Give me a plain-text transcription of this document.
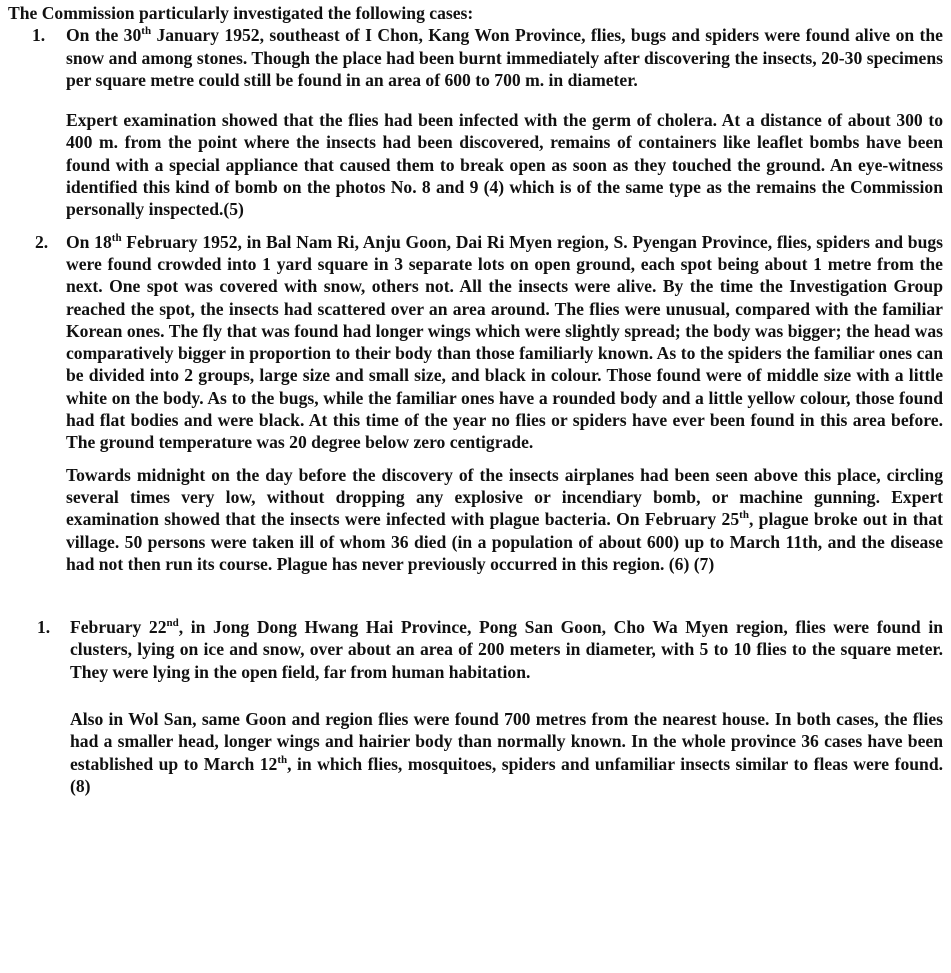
The Commission particularly investigated the following cases:

1.	On the 30th January 1952, southeast of I Chon, Kang Won Province, flies, bugs and spiders were found alive on the snow and among stones. Though the place had been burnt immediately after discovering the insects, 20-30 specimens per square metre could still be found in an area of 600 to 700 m. in diameter.

Expert examination showed that the flies had been infected with the germ of cholera. At a distance of about 300 to 400 m. from the point where the insects had been discovered, remains of containers like leaflet bombs have been found with a special appliance that caused them to break open as soon as they touched the ground. An eye-witness identified this kind of bomb on the photos No. 8 and 9 (4) which is of the same type as the remains the Commission personally inspected.(5)

2.	On 18th February 1952, in Bal Nam Ri, Anju Goon, Dai Ri Myen region, S. Pyengan Province, flies, spiders and bugs were found crowded into 1 yard square in 3 separate lots on open ground, each spot being about 1 metre from the next. One spot was covered with snow, others not. All the insects were alive. By the time the Investigation Group reached the spot, the insects had scattered over an area around. The flies were unusual, compared with the familiar Korean ones. The fly that was found had longer wings which were slightly spread; the body was bigger; the head was comparatively bigger in proportion to their body than those familiarly known. As to the spiders the familiar ones can be divided into 2 groups, large size and small size, and black in colour. Those found were of middle size with a little white on the body. As to the bugs, while the familiar ones have a rounded body and a little yellow colour, those found had flat bodies and were black. At this time of the year no flies or spiders have ever been found in this area before. The ground temperature was 20 degree below zero centigrade.

Towards midnight on the day before the discovery of the insects airplanes had been seen above this place, circling several times very low, without dropping any explosive or incendiary bomb, or machine gunning. Expert examination showed that the insects were infected with plague bacteria. On February 25th, plague broke out in that village. 50 persons were taken ill of whom 36 died (in a population of about 600) up to March 11th, and the disease had not then run its course. Plague has never previously occurred in this region. (6) (7)

1.	February 22nd, in Jong Dong Hwang Hai Province, Pong San Goon, Cho Wa Myen region, flies were found in clusters, lying on ice and snow, over about an area of 200 meters in diameter, with 5 to 10 flies to the square meter. They were lying in the open field, far from human habitation.

Also in Wol San, same Goon and region flies were found 700 metres from the nearest house. In both cases, the flies had a smaller head, longer wings and hairier body than normally known. In the whole province 36 cases have been established up to March 12th, in which flies, mosquitoes, spiders and unfamiliar insects similar to fleas were found. (8)
